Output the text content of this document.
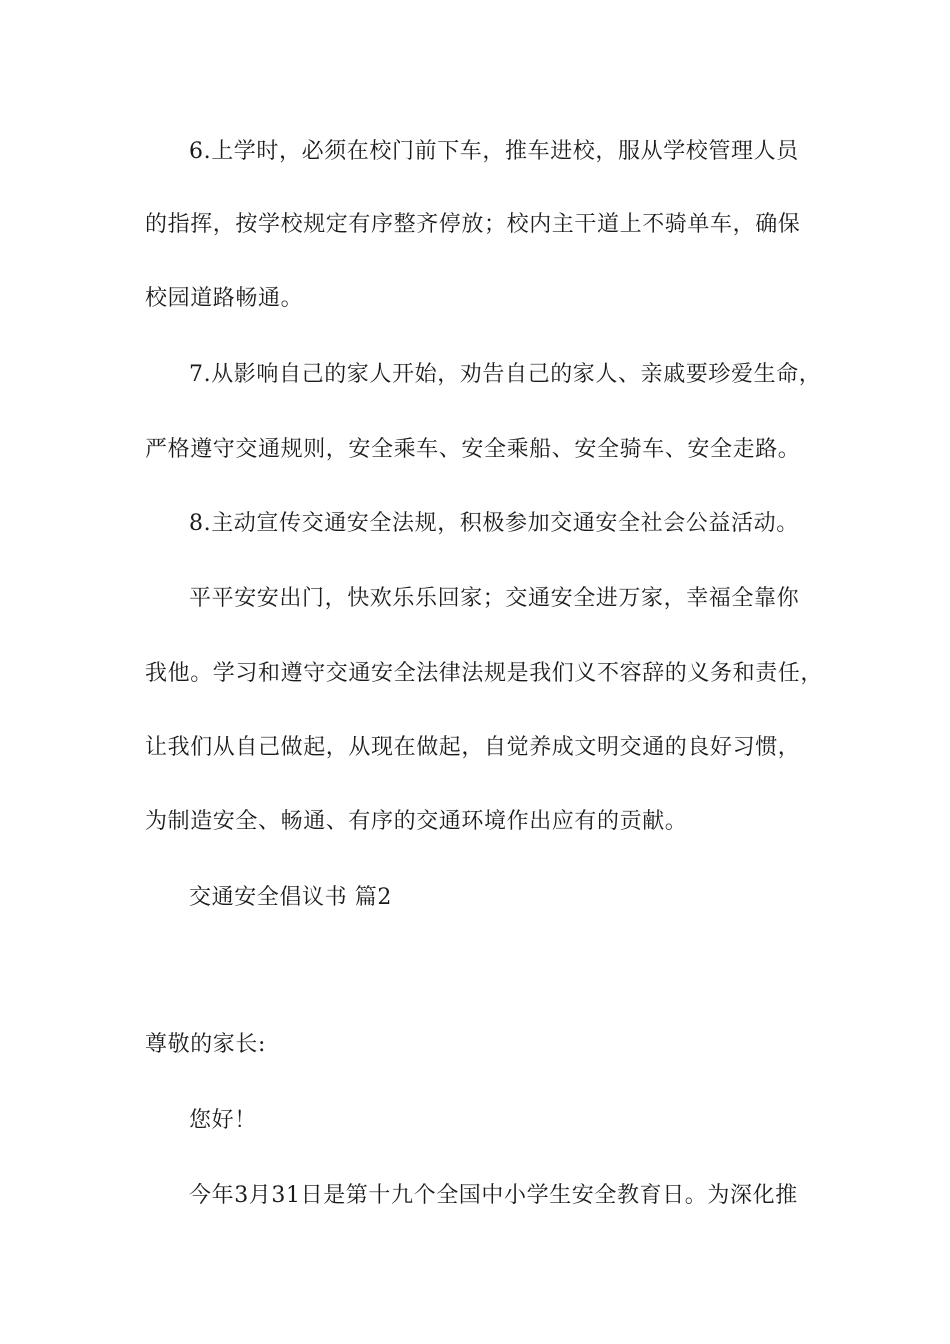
6.上学时，必须在校门前下车，推车进校，服从学校管理人员
的指挥，按学校规定有序整齐停放；校内主干道上不骑单车，确保
校园道路畅通。
7.从影响自己的家人开始，劝告自己的家人、亲戚要珍爱生命，
严格遵守交通规则，安全乘车、安全乘船、安全骑车、安全走路。
8.主动宣传交通安全法规，积极参加交通安全社会公益活动。
平平安安出门，快欢乐乐回家；交通安全进万家，幸福全靠你
我他。学习和遵守交通安全法律法规是我们义不容辞的义务和责任，
让我们从自己做起，从现在做起，自觉养成文明交通的良好习惯，
为制造安全、畅通、有序的交通环境作出应有的贡献。
交通安全倡议书 篇2
尊敬的家长:
您好！
今年3月31日是第十九个全国中小学生安全教育日。为深化推
